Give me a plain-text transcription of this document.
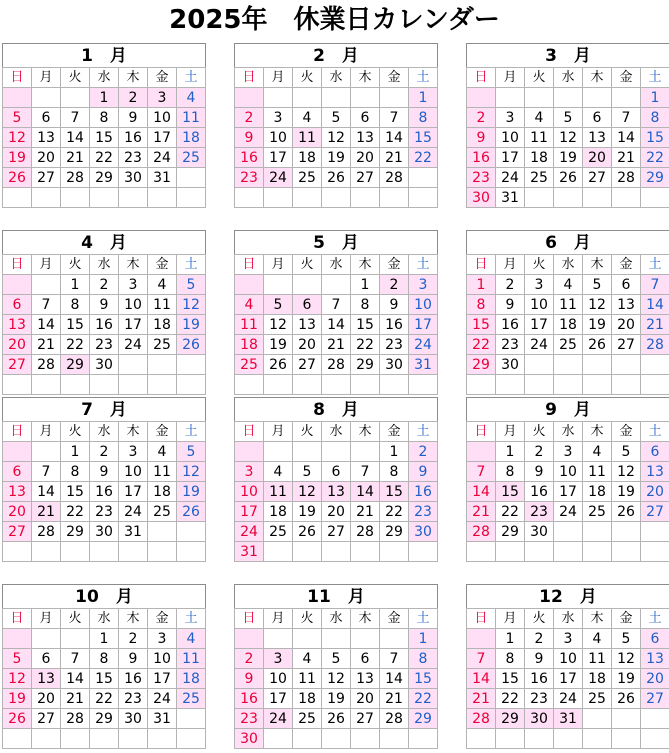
2025年　休業日カレンダー
1　月
日	月	火	水	木	金	土
			1	2	3	4
5	6	7	8	9	10	11
12	13	14	15	16	17	18
19	20	21	22	23	24	25
26	27	28	29	30	31	

2　月
日	月	火	水	木	金	土
						1
2	3	4	5	6	7	8
9	10	11	12	13	14	15
16	17	18	19	20	21	22
23	24	25	26	27	28	

3　月
日	月	火	水	木	金	土
						1
2	3	4	5	6	7	8
9	10	11	12	13	14	15
16	17	18	19	20	21	22
23	24	25	26	27	28	29
30	31					
4　月
日	月	火	水	木	金	土
		1	2	3	4	5
6	7	8	9	10	11	12
13	14	15	16	17	18	19
20	21	22	23	24	25	26
27	28	29	30			

5　月
日	月	火	水	木	金	土
				1	2	3
4	5	6	7	8	9	10
11	12	13	14	15	16	17
18	19	20	21	22	23	24
25	26	27	28	29	30	31

6　月
日	月	火	水	木	金	土
1	2	3	4	5	6	7
8	9	10	11	12	13	14
15	16	17	18	19	20	21
22	23	24	25	26	27	28
29	30					

7　月
日	月	火	水	木	金	土
		1	2	3	4	5
6	7	8	9	10	11	12
13	14	15	16	17	18	19
20	21	22	23	24	25	26
27	28	29	30	31		

8　月
日	月	火	水	木	金	土
					1	2
3	4	5	6	7	8	9
10	11	12	13	14	15	16
17	18	19	20	21	22	23
24	25	26	27	28	29	30
31						
9　月
日	月	火	水	木	金	土
	1	2	3	4	5	6
7	8	9	10	11	12	13
14	15	16	17	18	19	20
21	22	23	24	25	26	27
28	29	30				

10　月
日	月	火	水	木	金	土
			1	2	3	4
5	6	7	8	9	10	11
12	13	14	15	16	17	18
19	20	21	22	23	24	25
26	27	28	29	30	31	

11　月
日	月	火	水	木	金	土
						1
2	3	4	5	6	7	8
9	10	11	12	13	14	15
16	17	18	19	20	21	22
23	24	25	26	27	28	29
30						
12　月
日	月	火	水	木	金	土
	1	2	3	4	5	6
7	8	9	10	11	12	13
14	15	16	17	18	19	20
21	22	23	24	25	26	27
28	29	30	31			
